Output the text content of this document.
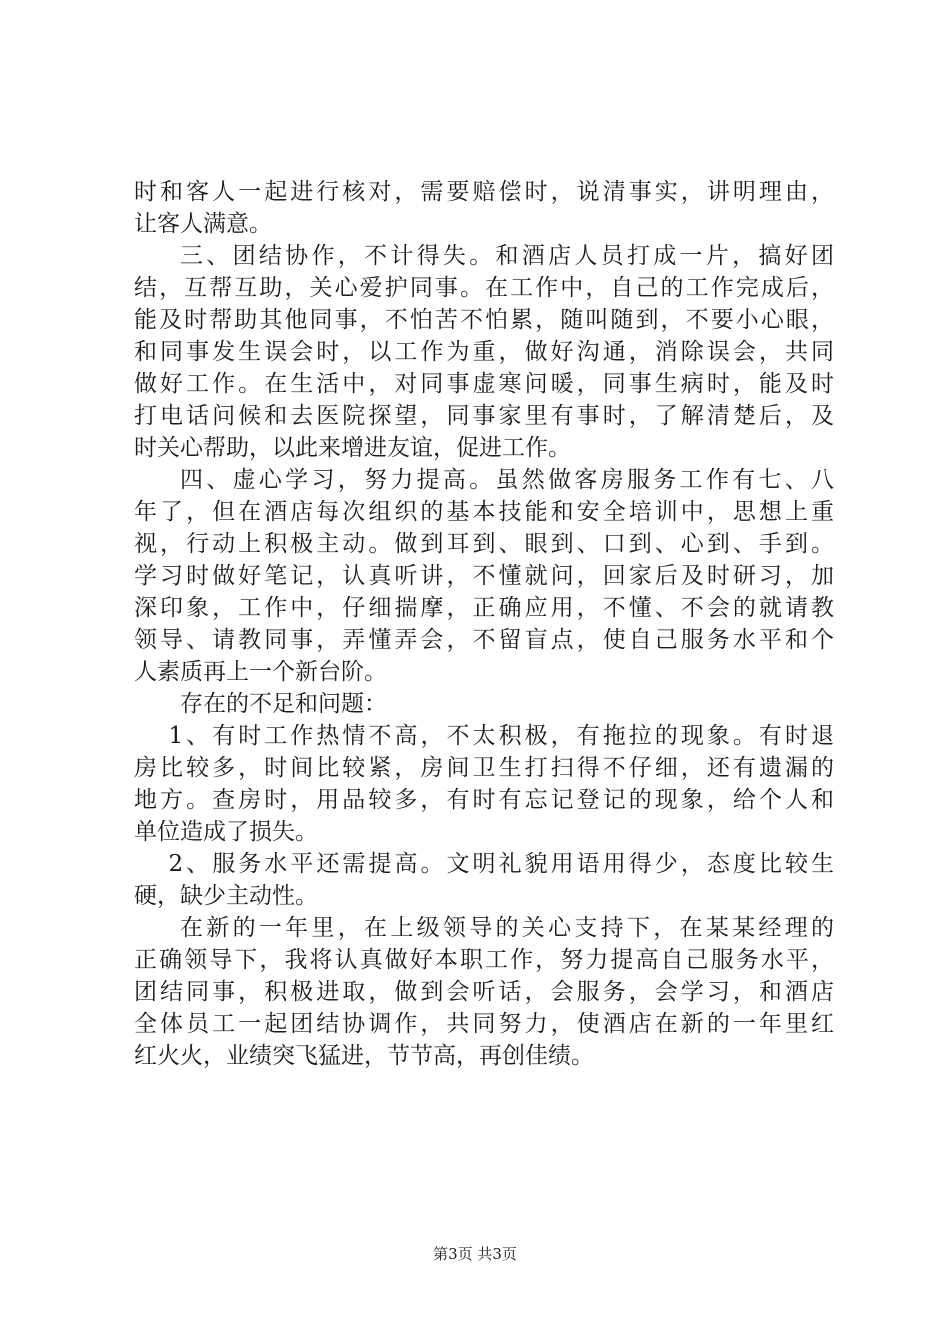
时和客人一起进行核对，需要赔偿时，说清事实，讲明理由，
让客人满意。
三、团结协作，不计得失。和酒店人员打成一片，搞好团
结，互帮互助，关心爱护同事。在工作中，自己的工作完成后，
能及时帮助其他同事，不怕苦不怕累，随叫随到，不要小心眼，
和同事发生误会时，以工作为重，做好沟通，消除误会，共同
做好工作。在生活中，对同事虚寒问暖，同事生病时，能及时
打电话问候和去医院探望，同事家里有事时，了解清楚后，及
时关心帮助，以此来增进友谊，促进工作。
四、虚心学习，努力提高。虽然做客房服务工作有七、八
年了，但在酒店每次组织的基本技能和安全培训中，思想上重
视，行动上积极主动。做到耳到、眼到、口到、心到、手到。
学习时做好笔记，认真听讲，不懂就问，回家后及时研习，加
深印象，工作中，仔细揣摩，正确应用，不懂、不会的就请教
领导、请教同事，弄懂弄会，不留盲点，使自己服务水平和个
人素质再上一个新台阶。
存在的不足和问题：
1、有时工作热情不高，不太积极，有拖拉的现象。有时退
房比较多，时间比较紧，房间卫生打扫得不仔细，还有遗漏的
地方。查房时，用品较多，有时有忘记登记的现象，给个人和
单位造成了损失。
2、服务水平还需提高。文明礼貌用语用得少，态度比较生
硬，缺少主动性。
在新的一年里，在上级领导的关心支持下，在某某经理的
正确领导下，我将认真做好本职工作，努力提高自己服务水平，
团结同事，积极进取，做到会听话，会服务，会学习，和酒店
全体员工一起团结协调作，共同努力，使酒店在新的一年里红
红火火，业绩突飞猛进，节节高，再创佳绩。
第3页 共3页
